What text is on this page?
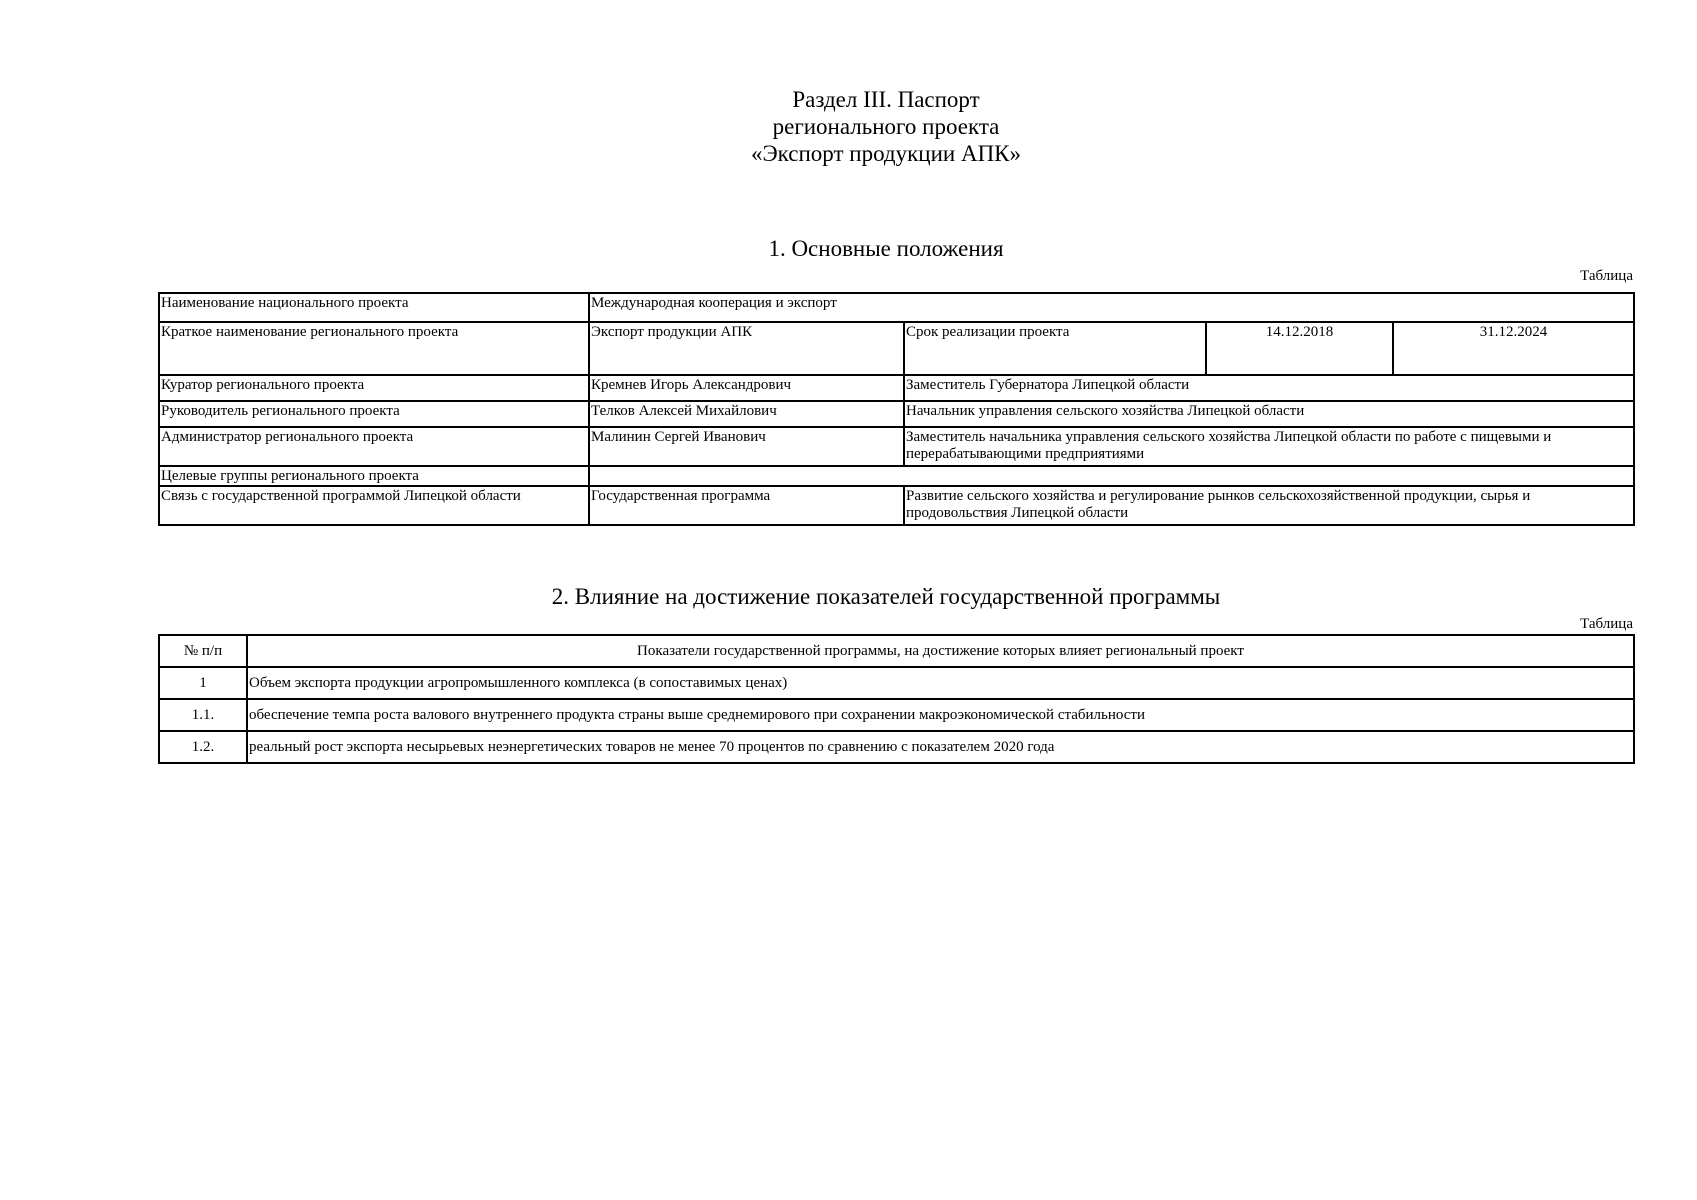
Раздел III. Паспорт
регионального проекта
«Экспорт продукции АПК»
1. Основные положения
Таблица
Наименование национального проекта	Международная кооперация и экспорт			
Краткое наименование регионального проекта	Экспорт продукции АПК	Срок реализации проекта	14.12.2018	31.12.2024
Куратор регионального проекта	Кремнев Игорь Александрович	Заместитель Губернатора Липецкой области		
Руководитель регионального проекта	Телков Алексей Михайлович	Начальник управления сельского хозяйства Липецкой области		
Администратор регионального проекта	Малинин Сергей Иванович	Заместитель начальника управления сельского хозяйства Липецкой области по работе с пищевыми и перерабатывающими предприятиями		
Целевые группы регионального проекта				
Связь с государственной программой Липецкой области	Государственная программа	Развитие сельского хозяйства и регулирование рынков сельскохозяйственной продукции, сырья и продовольствия Липецкой области		
2. Влияние на достижение показателей государственной программы
Таблица
№ п/п	Показатели государственной программы, на достижение которых влияет региональный проект
1	Объем экспорта продукции агропромышленного комплекса (в сопоставимых ценах)
1.1.	обеспечение темпа роста валового внутреннего продукта страны выше среднемирового при сохранении макроэкономической стабильности
1.2.	реальный рост экспорта несырьевых неэнергетических товаров не менее 70 процентов по сравнению с показателем 2020 года
